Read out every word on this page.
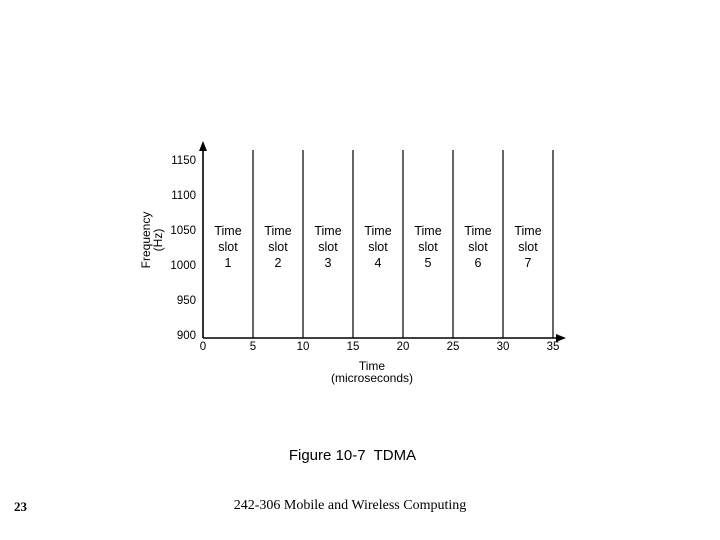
1150
1100
1050
1000
950
900
0	5	10	15	20	25	30	35
Time
slot
1
Time
slot
2
Time
slot
3
Time
slot
4
Time
slot
5
Time
slot
6
Time
slot
7
Frequency
(Hz)
Time
(microseconds)
Figure 10-7 TDMA
23	242-306 Mobile and Wireless Computing
